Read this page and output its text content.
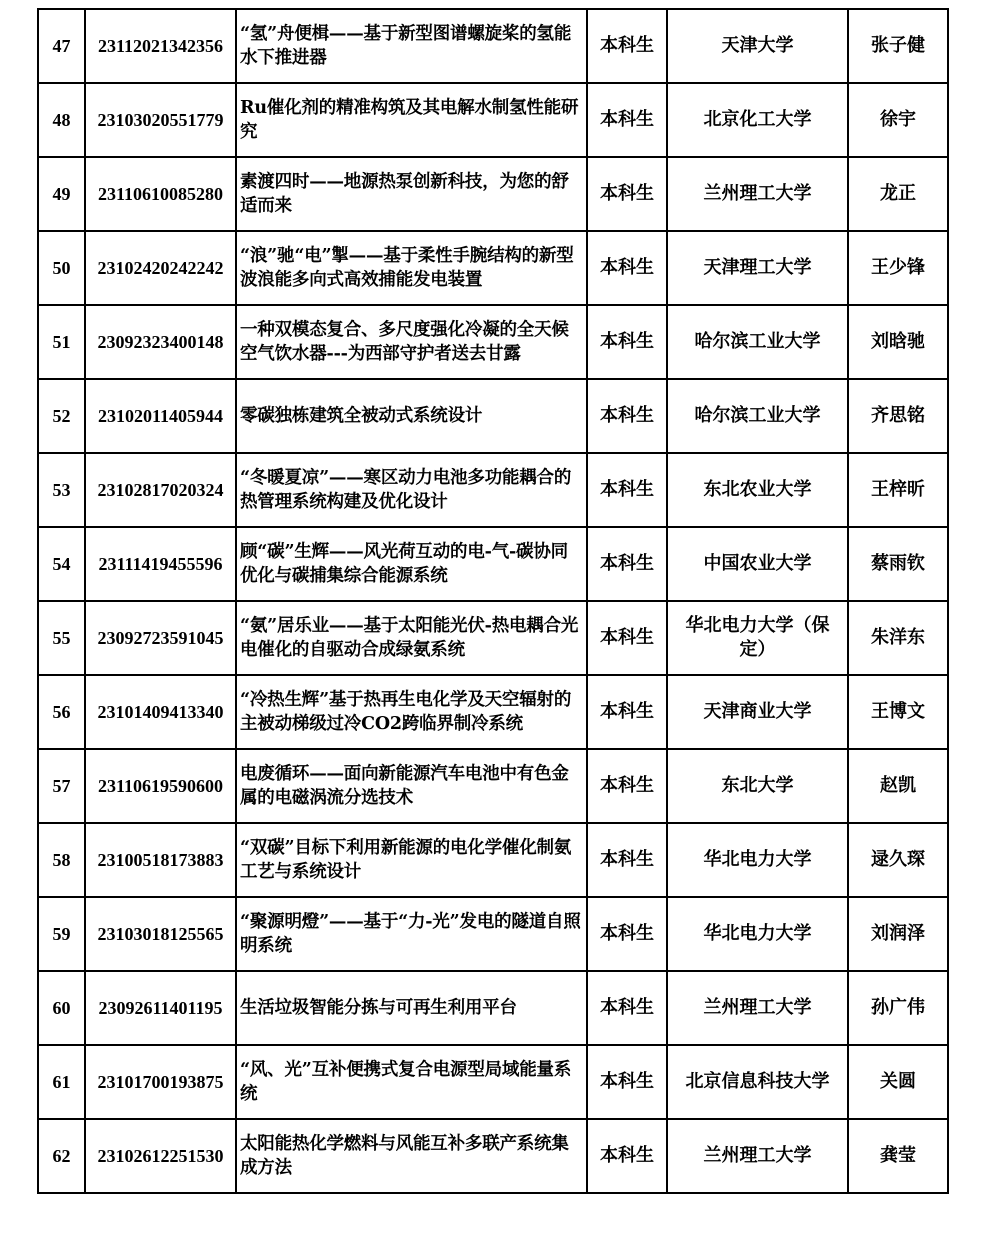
47	23112021342356	“氢”舟便楫——基于新型图谱螺旋桨的氢能水下推进器	本科生	天津大学	张子健
48	23103020551779	Ru催化剂的精准构筑及其电解水制氢性能研究	本科生	北京化工大学	徐宇
49	23110610085280	素渡四时——地源热泵创新科技，为您的舒适而来	本科生	兰州理工大学	龙正
50	23102420242242	“浪”驰“电”掣——基于柔性手腕结构的新型波浪能多向式高效捕能发电装置	本科生	天津理工大学	王少锋
51	23092323400148	一种双模态复合、多尺度强化冷凝的全天候空气饮水器---为西部守护者送去甘露	本科生	哈尔滨工业大学	刘晗驰
52	23102011405944	零碳独栋建筑全被动式系统设计	本科生	哈尔滨工业大学	齐思铭
53	23102817020324	“冬暖夏凉”——寒区动力电池多功能耦合的热管理系统构建及优化设计	本科生	东北农业大学	王梓昕
54	23111419455596	顾“碳”生辉——风光荷互动的电-气-碳协同优化与碳捕集综合能源系统	本科生	中国农业大学	蔡雨钦
55	23092723591045	“氨”居乐业——基于太阳能光伏-热电耦合光电催化的自驱动合成绿氨系统	本科生	华北电力大学（保定）	朱洋东
56	23101409413340	“冷热生辉”基于热再生电化学及天空辐射的主被动梯级过冷CO2跨临界制冷系统	本科生	天津商业大学	王博文
57	23110619590600	电废循环——面向新能源汽车电池中有色金属的电磁涡流分选技术	本科生	东北大学	赵凯
58	23100518173883	“双碳”目标下利用新能源的电化学催化制氨工艺与系统设计	本科生	华北电力大学	逯久琛
59	23103018125565	“聚源明燈”——基于“力-光”发电的隧道自照明系统	本科生	华北电力大学	刘润泽
60	23092611401195	生活垃圾智能分拣与可再生利用平台	本科生	兰州理工大学	孙广伟
61	23101700193875	“风、光”互补便携式复合电源型局域能量系统	本科生	北京信息科技大学	关圆
62	23102612251530	太阳能热化学燃料与风能互补多联产系统集成方法	本科生	兰州理工大学	龚莹
